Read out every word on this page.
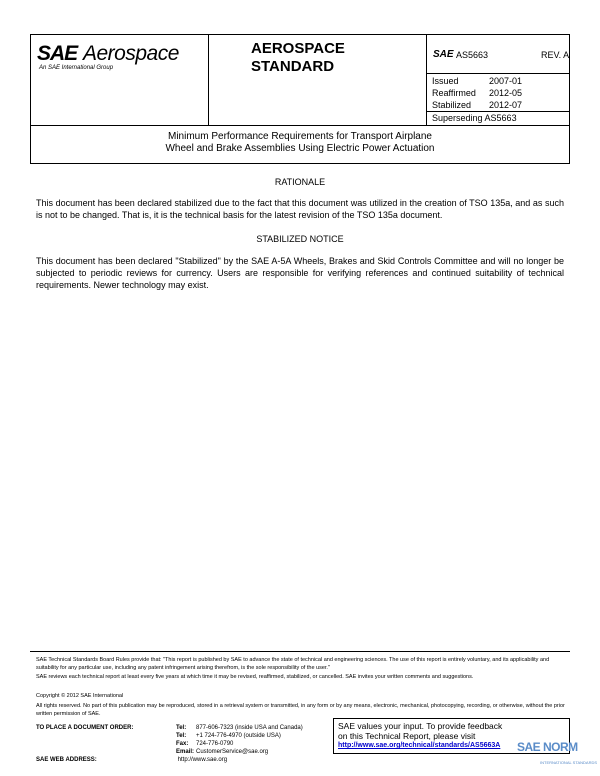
SAE Aerospace
An SAE International Group
AEROSPACE
STANDARD
SAE AS5663	REV. A
Issued	2007-01
Reaffirmed	2012-05
Stabilized	2012-07
Superseding AS5663
Minimum Performance Requirements for Transport Airplane
Wheel and Brake Assemblies Using Electric Power Actuation
RATIONALE
This document has been declared stabilized due to the fact that this document was utilized in the creation of TSO 135a, and as such is not to be changed. That is, it is the technical basis for the latest revision of the TSO 135a document.
STABILIZED NOTICE
This document has been declared "Stabilized" by the SAE A-5A Wheels, Brakes and Skid Controls Committee and will no longer be subjected to periodic reviews for currency. Users are responsible for verifying references and continued suitability of technical requirements. Newer technology may exist.
SAE Technical Standards Board Rules provide that: "This report is published by SAE to advance the state of technical and engineering sciences. The use of this report is entirely voluntary, and its applicability and suitability for any particular use, including any patent infringement arising therefrom, is the sole responsibility of the user."
SAE reviews each technical report at least every five years at which time it may be revised, reaffirmed, stabilized, or cancelled. SAE invites your written comments and suggestions.
Copyright © 2012 SAE International
All rights reserved. No part of this publication may be reproduced, stored in a retrieval system or transmitted, in any form or by any means, electronic, mechanical, photocopying, recording, or otherwise, without the prior written permission of SAE.
TO PLACE A DOCUMENT ORDER:	Tel:	877-606-7323 (inside USA and Canada)
Tel:	+1 724-776-4970 (outside USA)
Fax:	724-776-0790
Email: CustomerService@sae.org
SAE WEB ADDRESS:	http://www.sae.org
SAE values your input. To provide feedback
on this Technical Report, please visit
http://www.sae.org/technical/standards/AS5663A	SAE NORM
INTERNATIONAL STANDARDS
